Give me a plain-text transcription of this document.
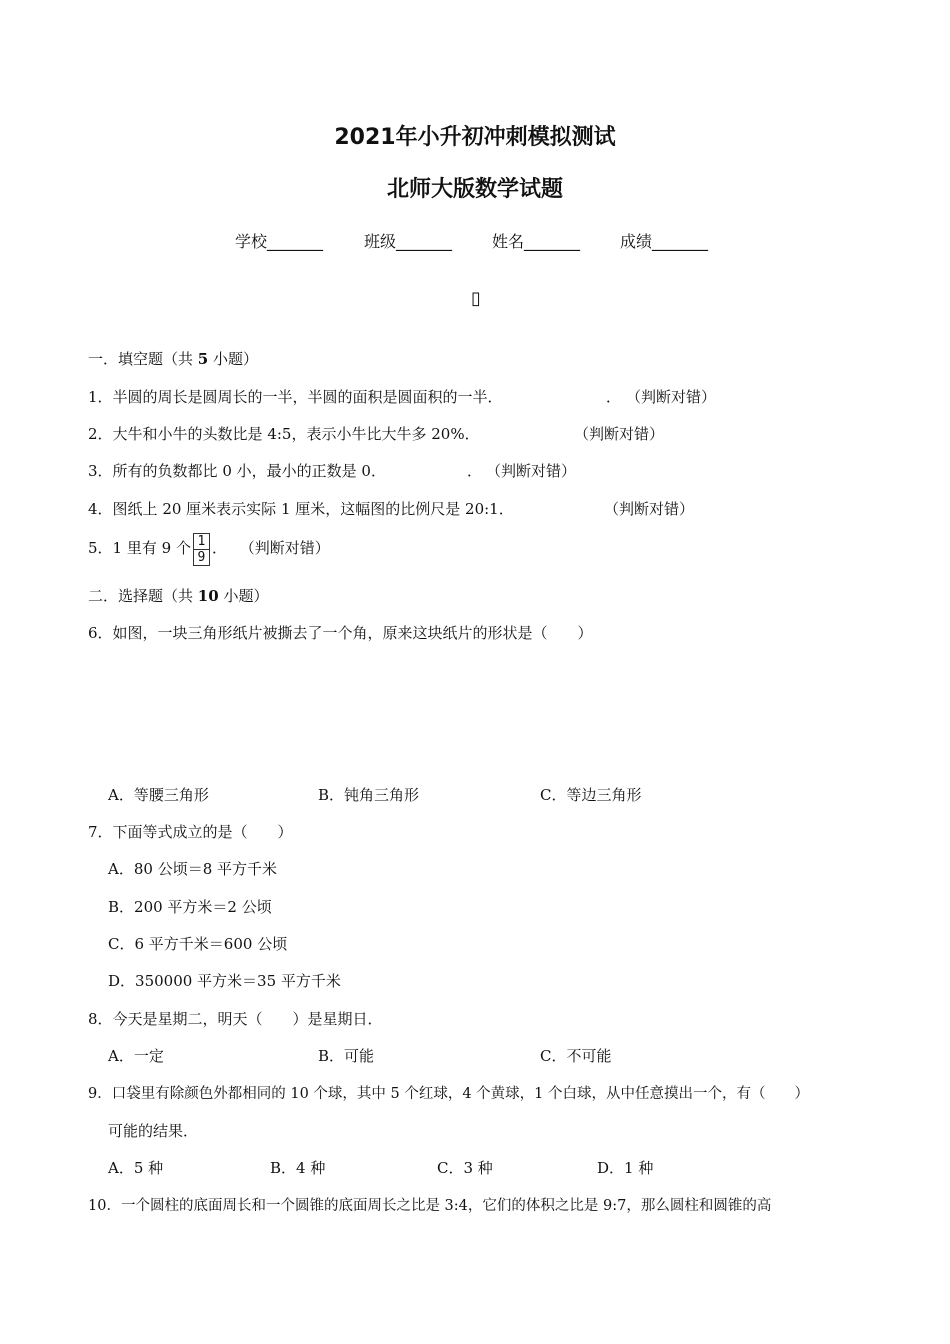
2021年小升初冲刺模拟测试
北师大版数学试题
学校_______	班级_______ 姓名_______ 成绩_______
▯
一．填空题（共 5 小题）
1．半圆的周长是圆周长的一半，半圆的面积是圆面积的一半．	． （判断对错）
2．大牛和小牛的头数比是 4:5，表示小牛比大牛多 20%．	（判断对错）
3．所有的负数都比 0 小，最小的正数是 0．	． （判断对错）
4．图纸上 20 厘米表示实际 1 厘米，这幅图的比例尺是 20:1．	（判断对错）
5．1 里有 9 个 $\frac{1}{9}$ ． （判断对错）
二．选择题（共 10 小题）
6．如图，一块三角形纸片被撕去了一个角，原来这块纸片的形状是（　　）
A．等腰三角形	B．钝角三角形	C．等边三角形
7．下面等式成立的是（　　）
A．80 公顷＝8 平方千米
B．200 平方米＝2 公顷
C．6 平方千米＝600 公顷
D．350000 平方米＝35 平方千米
8．今天是星期二，明天（　　）是星期日．
A．一定	B．可能	C．不可能
9．口袋里有除颜色外都相同的 10 个球，其中 5 个红球，4 个黄球，1 个白球，从中任意摸出一个，有（　　）
可能的结果．
A．5 种	B．4 种	C．3 种	D．1 种
10．一个圆柱的底面周长和一个圆锥的底面周长之比是 3:4，它们的体积之比是 9:7，那么圆柱和圆锥的高
